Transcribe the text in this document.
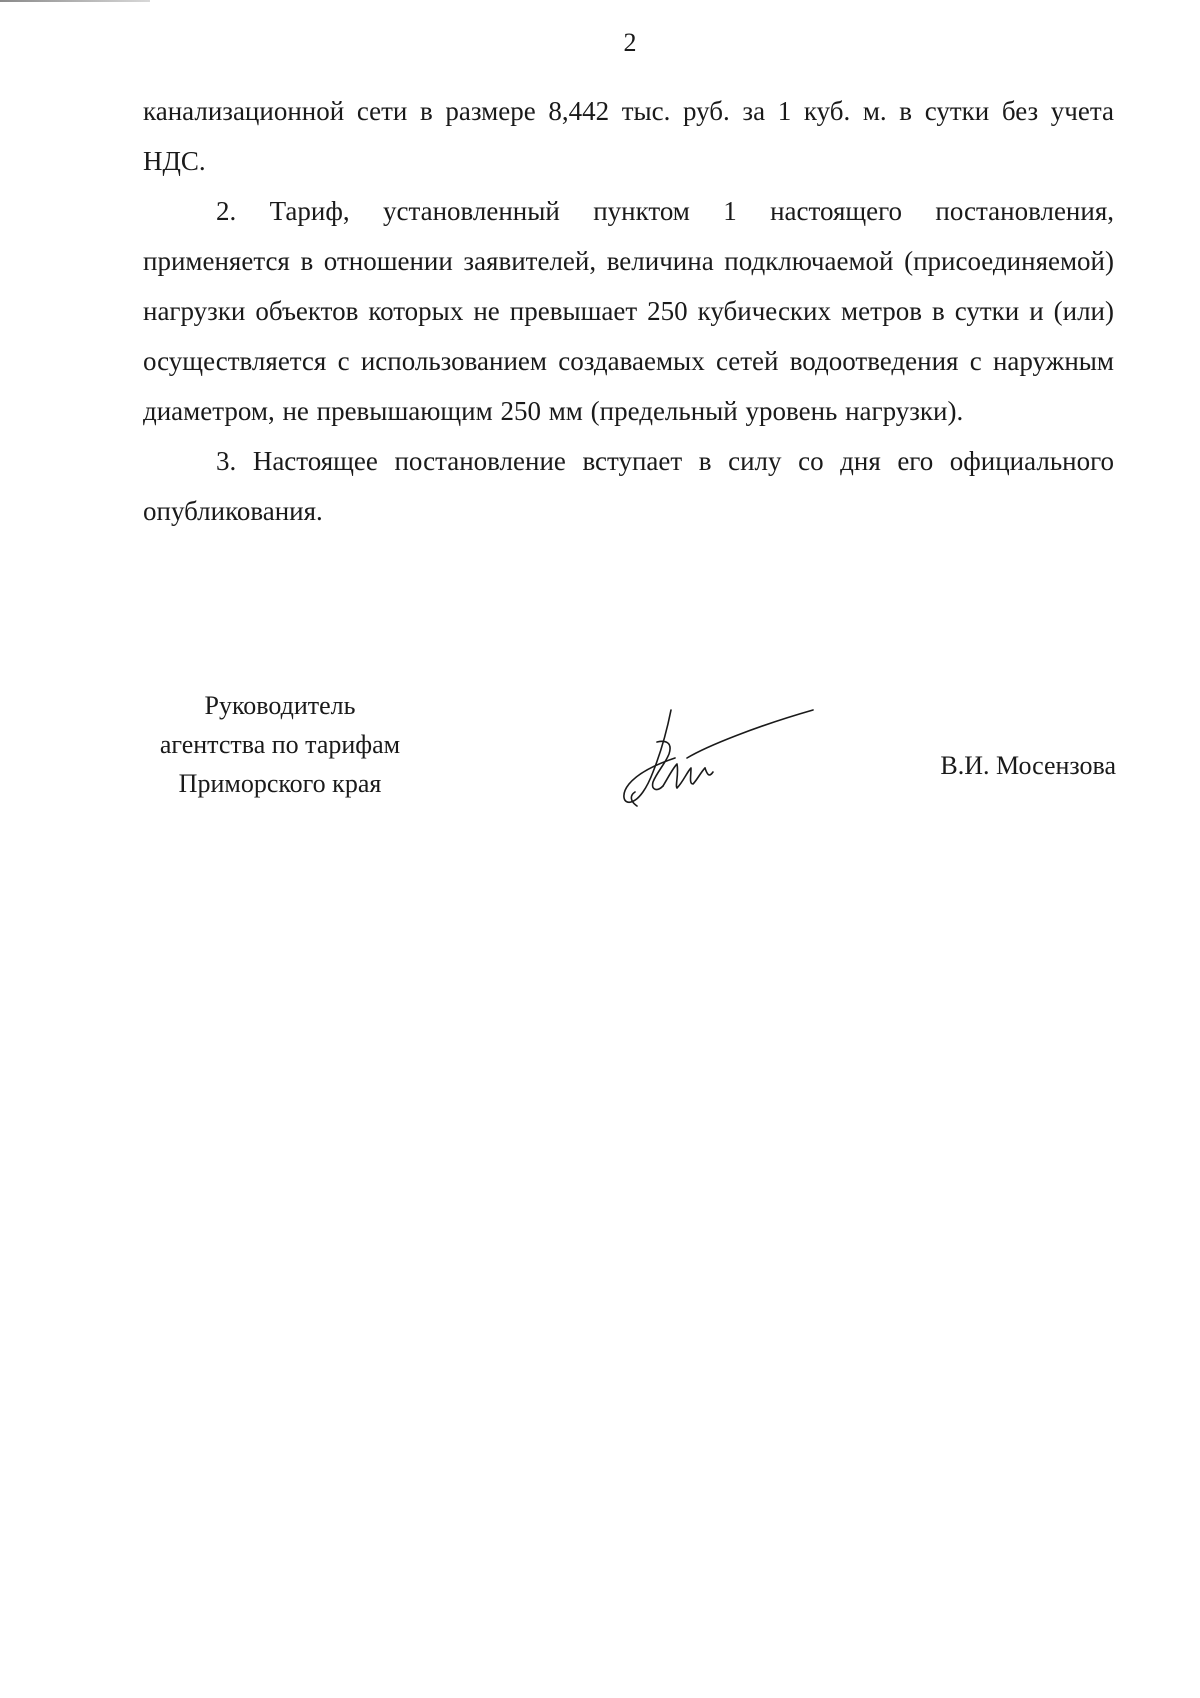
2

канализационной сети в размере 8,442 тыс. руб. за 1 куб. м. в сутки без учета НДС.

2. Тариф, установленный пунктом 1 настоящего постановления, применяется в отношении заявителей, величина подключаемой (присоединяемой) нагрузки объектов которых не превышает 250 кубических метров в сутки и (или) осуществляется с использованием создаваемых сетей водоотведения с наружным диаметром, не превышающим 250 мм (предельный уровень нагрузки).

3. Настоящее постановление вступает в силу со дня его официального опубликования.

Руководитель
агентства по тарифам
Приморского края
В.И. Мосензова
